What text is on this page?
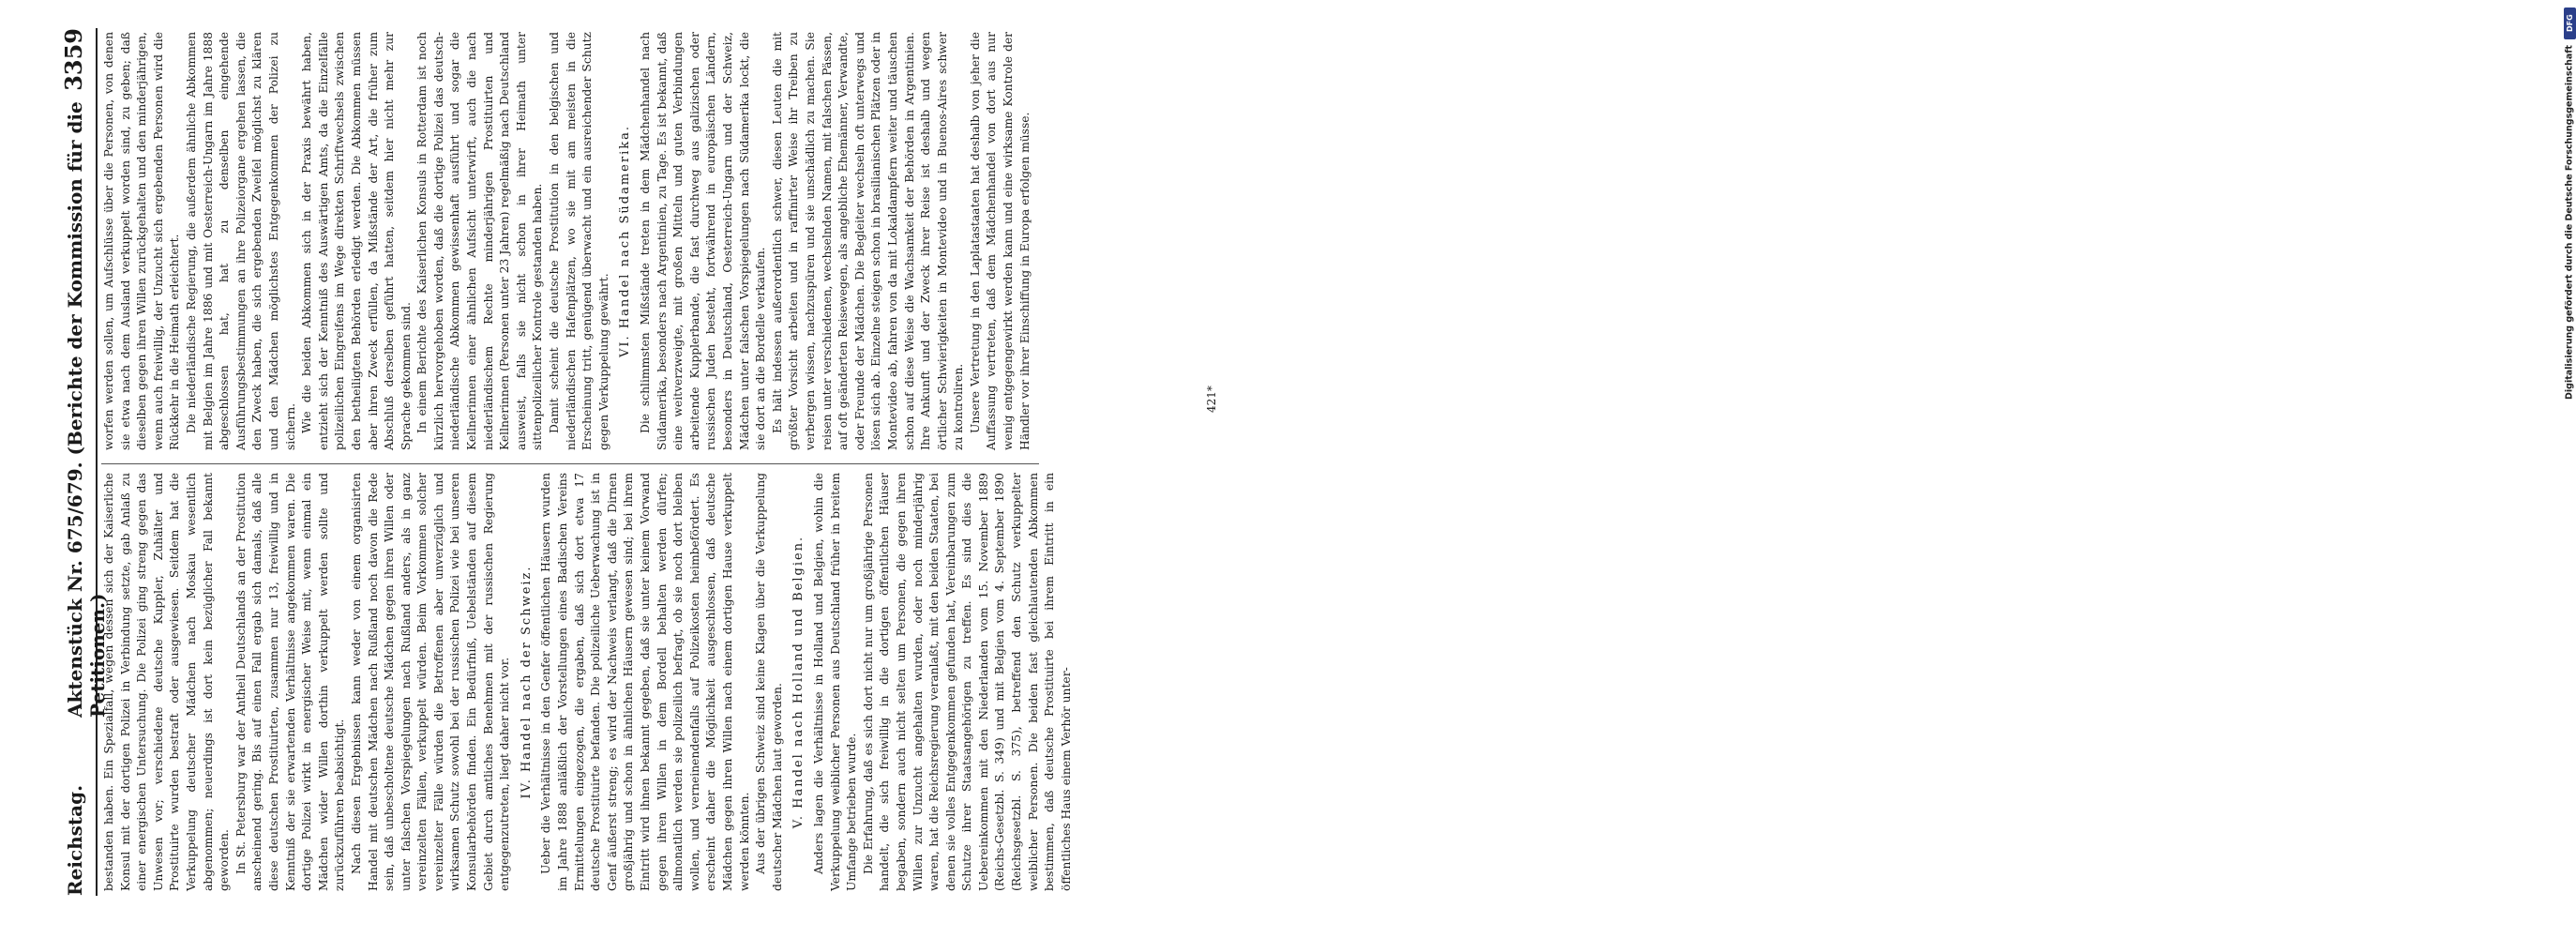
Reichstag.
Aktenstück Nr. 675/679. (Berichte der Kommission für die Petitionen.)
3359

bestanden haben. Ein Spezialfall, wegen dessen sich der Kaiserliche Konsul mit der dortigen Polizei in Verbindung setzte, gab Anlaß zu einer energischen Untersuchung. Die Polizei ging streng gegen das Unwesen vor; verschiedene deutsche Kuppler, Zuhälter und Prostituirte wurden bestraft oder ausgewiesen. Seitdem hat die Verkuppelung deutscher Mädchen nach Moskau wesentlich abgenommen; neuerdings ist dort kein bezüglicher Fall bekannt geworden. In St. Petersburg war der Antheil Deutschlands an der Prostitution anscheinend gering. Bis auf einen Fall ergab sich damals, daß alle diese deutschen Prostituirten, zusammen nur 13, freiwillig und in Kenntniß der sie erwartenden Verhältnisse angekommen waren. Die dortige Polizei wirkt in energischer Weise mit, wenn einmal ein Mädchen wider Willen dorthin verkuppelt werden sollte und zurückzuführen beabsichtigt. Nach diesen Ergebnissen kann weder von einem organisirten Handel mit deutschen Mädchen nach Rußland noch davon die Rede sein, daß unbescholtene deutsche Mädchen gegen ihren Willen oder unter falschen Vorspiegelungen nach Rußland anders, als in ganz vereinzelten Fällen, verkuppelt würden. Beim Vorkommen solcher vereinzelter Fälle würden die Betroffenen aber unverzüglich und wirksamen Schutz sowohl bei der russischen Polizei wie bei unseren Konsularbehörden finden. Ein Bedürfniß, Uebelständen auf diesem Gebiet durch amtliches Benehmen mit der russischen Regierung entgegenzutreten, liegt daher nicht vor. IV. Handel nach der Schweiz. Ueber die Verhältnisse in den Genfer öffentlichen Häusern wurden im Jahre 1888 anläßlich der Vorstellungen eines Badischen Vereins Ermittelungen eingezogen, die ergaben, daß sich dort etwa 17 deutsche Prostituirte befanden. Die polizeiliche Ueberwachung ist in Genf äußerst streng; es wird der Nachweis verlangt, daß die Dirnen großjährig und schon in ähnlichen Häusern gewesen sind; bei ihrem Eintritt wird ihnen bekannt gegeben, daß sie unter keinem Vorwand gegen ihren Willen in dem Bordell behalten werden dürfen; allmonatlich werden sie polizeilich befragt, ob sie noch dort bleiben wollen, und verneinendenfalls auf Polizeikosten heimbefördert. Es erscheint daher die Möglichkeit ausgeschlossen, daß deutsche Mädchen gegen ihren Willen nach einem dortigen Hause verkuppelt werden könnten. Aus der übrigen Schweiz sind keine Klagen über die Verkuppelung deutscher Mädchen laut geworden. V. Handel nach Holland und Belgien. Anders lagen die Verhältnisse in Holland und Belgien, wohin die Verkuppelung weiblicher Personen aus Deutschland früher in breitem Umfange betrieben wurde. Die Erfahrung, daß es sich dort nicht nur um großjährige Personen handelt, die sich freiwillig in die dortigen öffentlichen Häuser begaben, sondern auch nicht selten um Personen, die gegen ihren Willen zur Unzucht angehalten wurden, oder noch minderjährig waren, hat die Reichsregierung veranlaßt, mit den beiden Staaten, bei denen sie volles Entgegenkommen gefunden hat, Vereinbarungen zum Schutze ihrer Staatsangehörigen zu treffen. Es sind dies die Uebereinkommen mit den Niederlanden vom 15. November 1889 (Reichs-Gesetzbl. S. 349) und mit Belgien vom 4. September 1890 (Reichsgesetzbl. S. 375), betreffend den Schutz verkuppelter weiblicher Personen. Die beiden fast gleichlautenden Abkommen bestimmen, daß deutsche Prostituirte bei ihrem Eintritt in ein öffentliches Haus einem Verhör unter-

worfen werden sollen, um Aufschlüsse über die Personen, von denen sie etwa nach dem Ausland verkuppelt worden sind, zu geben; daß dieselben gegen ihren Willen zurückgehalten und den minderjährigen, wenn auch freiwillig, der Unzucht sich ergebenden Personen wird die Rückkehr in die Heimath erleichtert. Die niederländische Regierung, die außerdem ähnliche Abkommen mit Belgien im Jahre 1886 und mit Oesterreich-Ungarn im Jahre 1888 abgeschlossen hat, hat zu denselben eingehende Ausführungsbestimmungen an ihre Polizeiorgane ergehen lassen, die den Zweck haben, die sich ergebenden Zweifel möglichst zu klären und den Mädchen möglichstes Entgegenkommen der Polizei zu sichern. Wie die beiden Abkommen sich in der Praxis bewährt haben, entzieht sich der Kenntniß des Auswärtigen Amts, da die Einzelfälle polizeilichen Eingreifens im Wege direkten Schriftwechsels zwischen den betheiligten Behörden erledigt werden. Die Abkommen müssen aber ihren Zweck erfüllen, da Mißstände der Art, die früher zum Abschluß derselben geführt hatten, seitdem hier nicht mehr zur Sprache gekommen sind. In einem Berichte des Kaiserlichen Konsuls in Rotterdam ist noch kürzlich hervorgehoben worden, daß die dortige Polizei das deutsch-niederländische Abkommen gewissenhaft ausführt und sogar die Kellnerinnen einer ähnlichen Aufsicht unterwirft, auch die nach niederländischem Rechte minderjährigen Prostituirten und Kellnerinnen (Personen unter 23 Jahren) regelmäßig nach Deutschland ausweist, falls sie nicht schon in ihrer Heimath unter sittenpolizeilicher Kontrole gestanden haben. Damit scheint die deutsche Prostitution in den belgischen und niederländischen Hafenplätzen, wo sie mit am meisten in die Erscheinung tritt, genügend überwacht und ein ausreichender Schutz gegen Verkuppelung gewährt.

VI. Handel nach Südamerika. Die schlimmsten Mißstände treten in dem Mädchenhandel nach Südamerika, besonders nach Argentinien, zu Tage. Es ist bekannt, daß eine weitverzweigte, mit großen Mitteln und guten Verbindungen arbeitende Kupplerbande, die fast durchweg aus galizischen oder russischen Juden besteht, fortwährend in europäischen Ländern, besonders in Deutschland, Oesterreich-Ungarn und der Schweiz, Mädchen unter falschen Vorspiegelungen nach Südamerika lockt, die sie dort an die Bordelle verkaufen. Es hält indessen außerordentlich schwer, diesen Leuten die mit größter Vorsicht arbeiten und in raffinirter Weise ihr Treiben zu verbergen wissen, nachzuspüren und sie unschädlich zu machen. Sie reisen unter verschiedenen, wechselnden Namen, mit falschen Pässen, auf oft geänderten Reisewegen, als angebliche Ehemänner, Verwandte, oder Freunde der Mädchen. Die Begleiter wechseln oft unterwegs und lösen sich ab. Einzelne steigen schon in brasilianischen Plätzen oder in Montevideo ab, fahren von da mit Lokaldampfern weiter und täuschen schon auf diese Weise die Wachsamkeit der Behörden in Argentinien. Ihre Ankunft und der Zweck ihrer Reise ist deshalb und wegen örtlicher Schwierigkeiten in Montevideo und in Buenos-Aires schwer zu kontroliren. Unsere Vertretung in den Laplatastaaten hat deshalb von jeher die Auffassung vertreten, daß dem Mädchenhandel von dort aus nur wenig entgegengewirkt werden kann und eine wirksame Kontrole der Händler vor ihrer Einschiffung in Europa erfolgen müsse.	421*
DFG
Digitalisierung gefördert durch die Deutsche Forschungsgemeinschaft
